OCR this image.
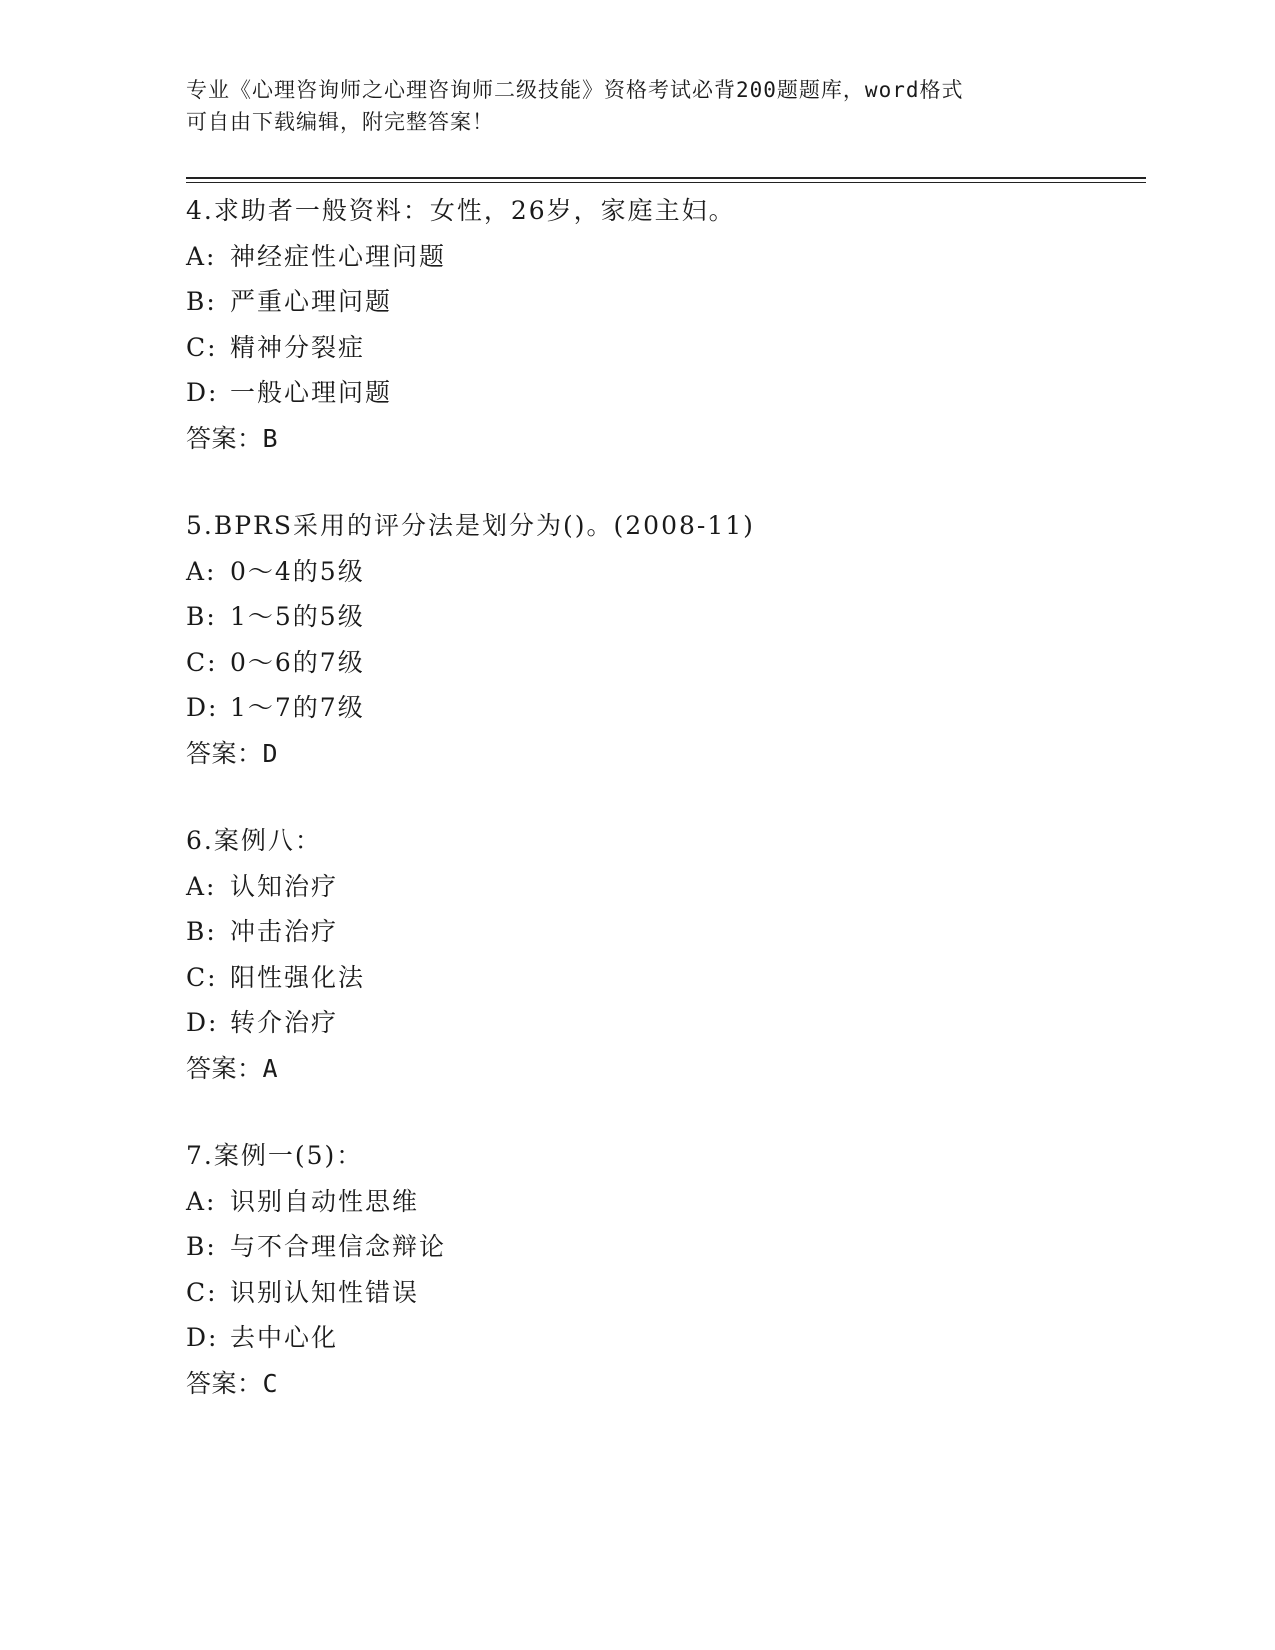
专业《心理咨询师之心理咨询师二级技能》资格考试必背200题题库，word格式
可自由下载编辑，附完整答案！
4.求助者一般资料：女性，26岁，家庭主妇。
A: 神经症性心理问题
B: 严重心理问题
C: 精神分裂症
D: 一般心理问题
答案：B
5.BPRS采用的评分法是划分为()。(2008-11)
A: 0～4的5级
B: 1～5的5级
C: 0～6的7级
D: 1～7的7级
答案：D
6.案例八：
A: 认知治疗
B: 冲击治疗
C: 阳性强化法
D: 转介治疗
答案：A
7.案例一(5)：
A: 识别自动性思维
B: 与不合理信念辩论
C: 识别认知性错误
D: 去中心化
答案：C
